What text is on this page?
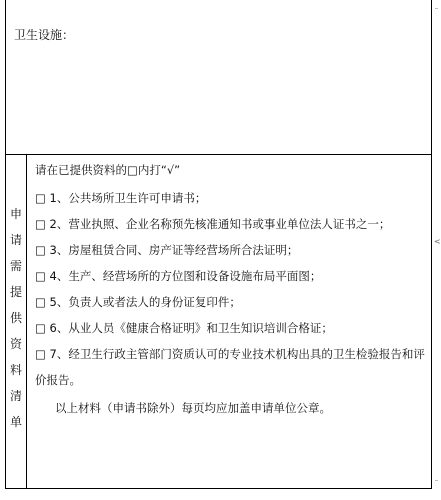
卫生设施：
申
请
需
提
供
资
料
清
单
请在已提供资料的□内打“√”
□ 1、公共场所卫生许可申请书；
□ 2、营业执照、企业名称预先核准通知书或事业单位法人证书之一；
□ 3、房屋租赁合同、房产证等经营场所合法证明；
□ 4、生产、经营场所的方位图和设备设施布局平面图；
□ 5、负责人或者法人的身份证复印件；
□ 6、从业人员《健康合格证明》和卫生知识培训合格证；
□ 7、经卫生行政主管部门资质认可的专业技术机构出具的卫生检验报告和评
价报告。
以上材料（申请书除外）每页均应加盖申请单位公章。
<
